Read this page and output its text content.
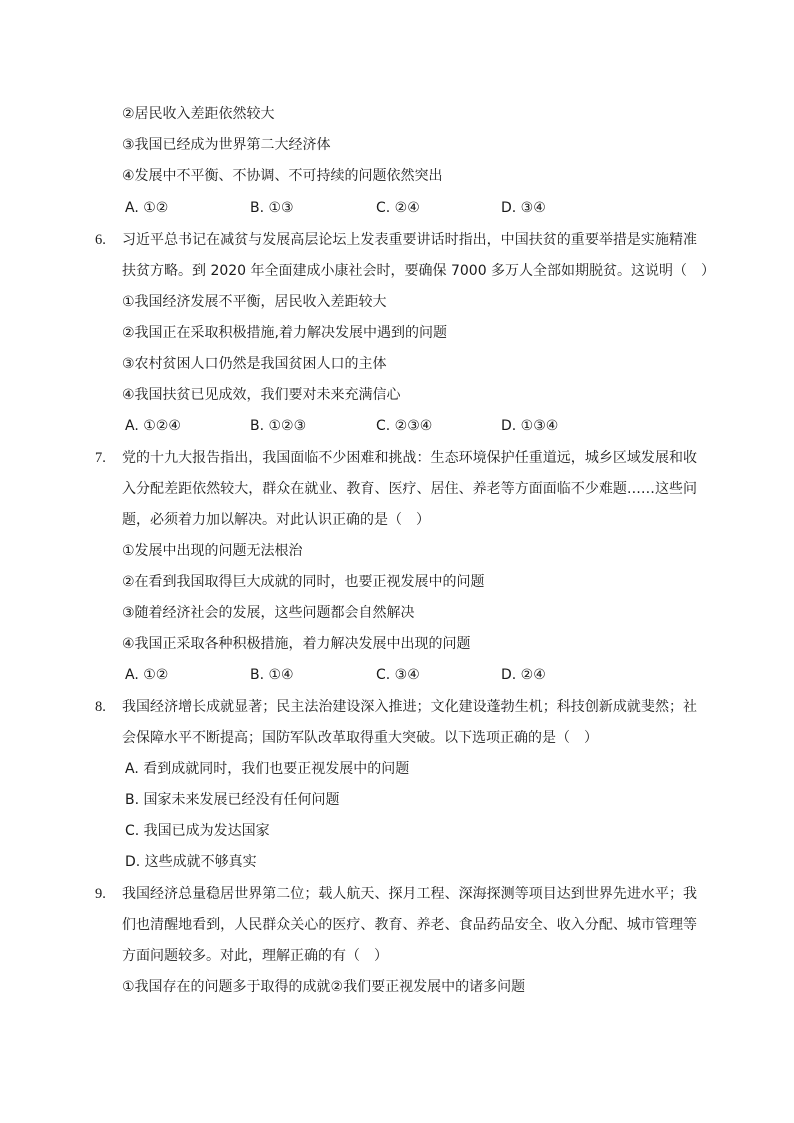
②居民收入差距依然较大
③我国已经成为世界第二大经济体
④发展中不平衡、不协调、不可持续的问题依然突出
A. ①②	B. ①③	C. ②④	D. ③④
6. 习近平总书记在减贫与发展高层论坛上发表重要讲话时指出，中国扶贫的重要举措是实施精准
扶贫方略。到 2020 年全面建成小康社会时，要确保 7000 多万人全部如期脱贫。这说明（　）
①我国经济发展不平衡，居民收入差距较大
②我国正在采取积极措施,着力解决发展中遇到的问题
③农村贫困人口仍然是我国贫困人口的主体
④我国扶贫已见成效，我们要对未来充满信心
A. ①②④	B. ①②③	C. ②③④	D. ①③④
7. 党的十九大报告指出，我国面临不少困难和挑战：生态环境保护任重道远，城乡区域发展和收
入分配差距依然较大，群众在就业、教育、医疗、居住、养老等方面面临不少难题……这些问
题，必须着力加以解决。对此认识正确的是（　）
①发展中出现的问题无法根治
②在看到我国取得巨大成就的同时，也要正视发展中的问题
③随着经济社会的发展，这些问题都会自然解决
④我国正采取各种积极措施，着力解决发展中出现的问题
A. ①②	B. ①④	C. ③④	D. ②④
8. 我国经济增长成就显著；民主法治建设深入推进；文化建设蓬勃生机；科技创新成就斐然；社
会保障水平不断提高；国防军队改革取得重大突破。以下选项正确的是（　）
A. 看到成就同时，我们也要正视发展中的问题
B. 国家未来发展已经没有任何问题
C. 我国已成为发达国家
D. 这些成就不够真实
9. 我国经济总量稳居世界第二位；载人航天、探月工程、深海探测等项目达到世界先进水平；我
们也清醒地看到，人民群众关心的医疗、教育、养老、食品药品安全、收入分配、城市管理等
方面问题较多。对此，理解正确的有（　）
①我国存在的问题多于取得的成就②我们要正视发展中的诸多问题
